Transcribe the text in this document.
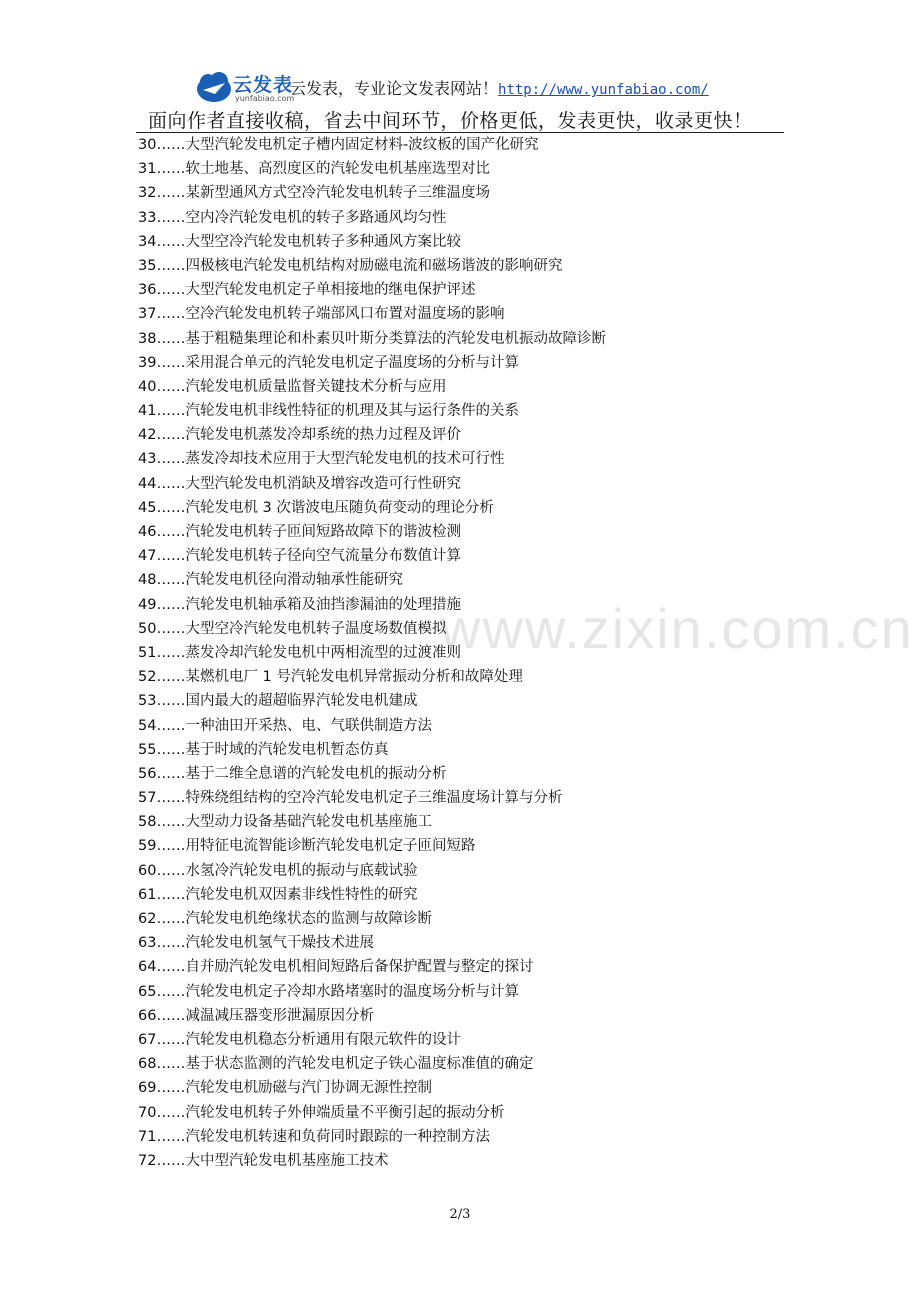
云发表
yunfabiao.com
云发表，专业论文发表网站！http://www.yunfabiao.com/
面向作者直接收稿，省去中间环节，价格更低，发表更快，收录更快！
www.zixin.com.cn
30……大型汽轮发电机定子槽内固定材料-波纹板的国产化研究
31……软土地基、高烈度区的汽轮发电机基座选型对比
32……某新型通风方式空冷汽轮发电机转子三维温度场
33……空内冷汽轮发电机的转子多路通风均匀性
34……大型空冷汽轮发电机转子多种通风方案比较
35……四极核电汽轮发电机结构对励磁电流和磁场谐波的影响研究
36……大型汽轮发电机定子单相接地的继电保护评述
37……空冷汽轮发电机转子端部风口布置对温度场的影响
38……基于粗糙集理论和朴素贝叶斯分类算法的汽轮发电机振动故障诊断
39……采用混合单元的汽轮发电机定子温度场的分析与计算
40……汽轮发电机质量监督关键技术分析与应用
41……汽轮发电机非线性特征的机理及其与运行条件的关系
42……汽轮发电机蒸发冷却系统的热力过程及评价
43……蒸发冷却技术应用于大型汽轮发电机的技术可行性
44……大型汽轮发电机消缺及增容改造可行性研究
45……汽轮发电机 3 次谐波电压随负荷变动的理论分析
46……汽轮发电机转子匝间短路故障下的谐波检测
47……汽轮发电机转子径向空气流量分布数值计算
48……汽轮发电机径向滑动轴承性能研究
49……汽轮发电机轴承箱及油挡渗漏油的处理措施
50……大型空冷汽轮发电机转子温度场数值模拟
51……蒸发冷却汽轮发电机中两相流型的过渡准则
52……某燃机电厂 1 号汽轮发电机异常振动分析和故障处理
53……国内最大的超超临界汽轮发电机建成
54……一种油田开采热、电、气联供制造方法
55……基于时域的汽轮发电机暂态仿真
56……基于二维全息谱的汽轮发电机的振动分析
57……特殊绕组结构的空冷汽轮发电机定子三维温度场计算与分析
58……大型动力设备基础汽轮发电机基座施工
59……用特征电流智能诊断汽轮发电机定子匝间短路
60……水氢冷汽轮发电机的振动与底载试验
61……汽轮发电机双因素非线性特性的研究
62……汽轮发电机绝缘状态的监测与故障诊断
63……汽轮发电机氢气干燥技术进展
64……自并励汽轮发电机相间短路后备保护配置与整定的探讨
65……汽轮发电机定子冷却水路堵塞时的温度场分析与计算
66……减温减压器变形泄漏原因分析
67……汽轮发电机稳态分析通用有限元软件的设计
68……基于状态监测的汽轮发电机定子铁心温度标准值的确定
69……汽轮发电机励磁与汽门协调无源性控制
70……汽轮发电机转子外伸端质量不平衡引起的振动分析
71……汽轮发电机转速和负荷同时跟踪的一种控制方法
72……大中型汽轮发电机基座施工技术
2/3
